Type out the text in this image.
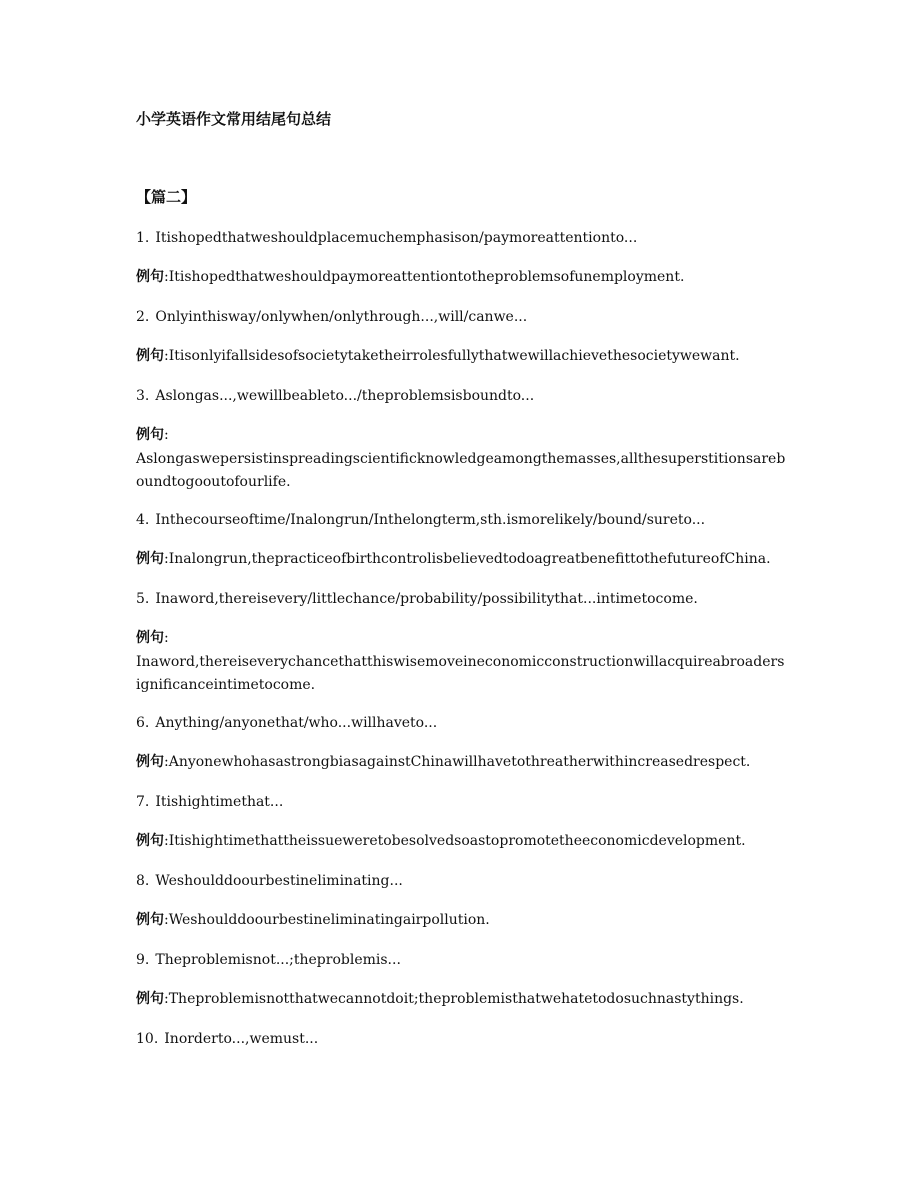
小学英语作文常用结尾句总结
【篇二】
1. Itishopedthatweshouldplacemuchemphasison/paymoreattentionto...
例句:Itishopedthatweshouldpaymoreattentiontotheproblemsofunemployment.
2. Onlyinthisway/onlywhen/onlythrough...,will/canwe...
例句:Itisonlyifallsidesofsocietytaketheirrolesfullythatwewillachievethesocietywewant.
3. Aslongas...,wewillbeableto.../theproblemsisboundto...
例句:
Aslongaswepersistinspreadingscientificknowledgeamongthemasses,allthesuperstitionsareboundtogooutofourlife.
4. Inthecourseoftime/Inalongrun/Inthelongterm,sth.ismorelikely/bound/sureto...
例句:Inalongrun,thepracticeofbirthcontrolisbelievedtodoagreatbenefittothefutureofChina.
5. Inaword,thereisevery/littlechance/probability/possibilitythat...intimetocome.
例句:
Inaword,thereiseverychancethatthiswisemoveineconomicconstructionwillacquireabroadersignificanceintimetocome.
6. Anything/anyonethat/who...willhaveto...
例句:AnyonewhohasastrongbiasagainstChinawillhavetothreatherwithincreasedrespect.
7. Itishightimethat...
例句:Itishightimethattheissueweretobesolvedsoastopromotetheeconomicdevelopment.
8. Weshoulddoourbestineliminating...
例句:Weshoulddoourbestineliminatingairpollution.
9. Theproblemisnot...;theproblemis...
例句:Theproblemisnotthatwecannotdoit;theproblemisthatwehatetodosuchnastythings.
10. Inorderto...,wemust...
